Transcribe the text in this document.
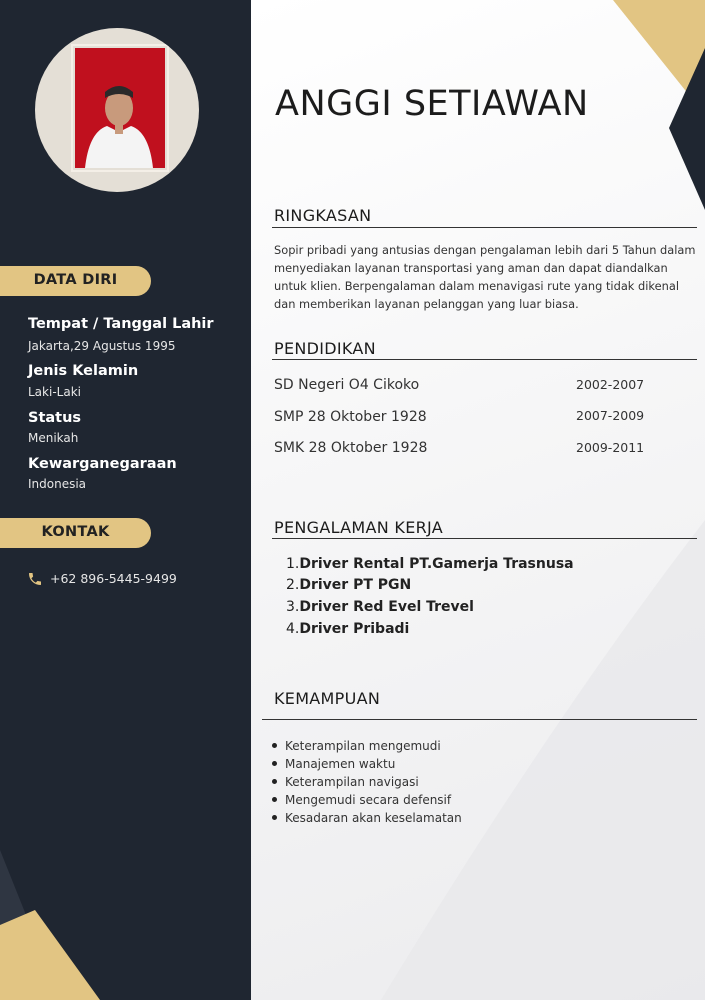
DATA DIRI
Tempat / Tanggal Lahir
Jakarta,29 Agustus 1995
Jenis Kelamin
Laki-Laki
Status
Menikah
Kewarganegaraan
Indonesia
KONTAK
+62 896-5445-9499
ANGGI SETIAWAN
RINGKASAN
Sopir pribadi yang antusias dengan pengalaman lebih dari 5 Tahun dalam menyediakan layanan transportasi yang aman dan dapat diandalkan untuk klien. Berpengalaman dalam menavigasi rute yang tidak dikenal dan memberikan layanan pelanggan yang luar biasa.
PENDIDIKAN
SD Negeri O4 Cikoko	2002-2007
SMP 28 Oktober 1928	2007-2009
SMK 28 Oktober 1928	2009-2011
PENGALAMAN KERJA
1.Driver Rental PT.Gamerja Trasnusa
2.Driver PT PGN
3.Driver Red Evel Trevel
4.Driver Pribadi
KEMAMPUAN
Keterampilan mengemudi
Manajemen waktu
Keterampilan navigasi
Mengemudi secara defensif
Kesadaran akan keselamatan
